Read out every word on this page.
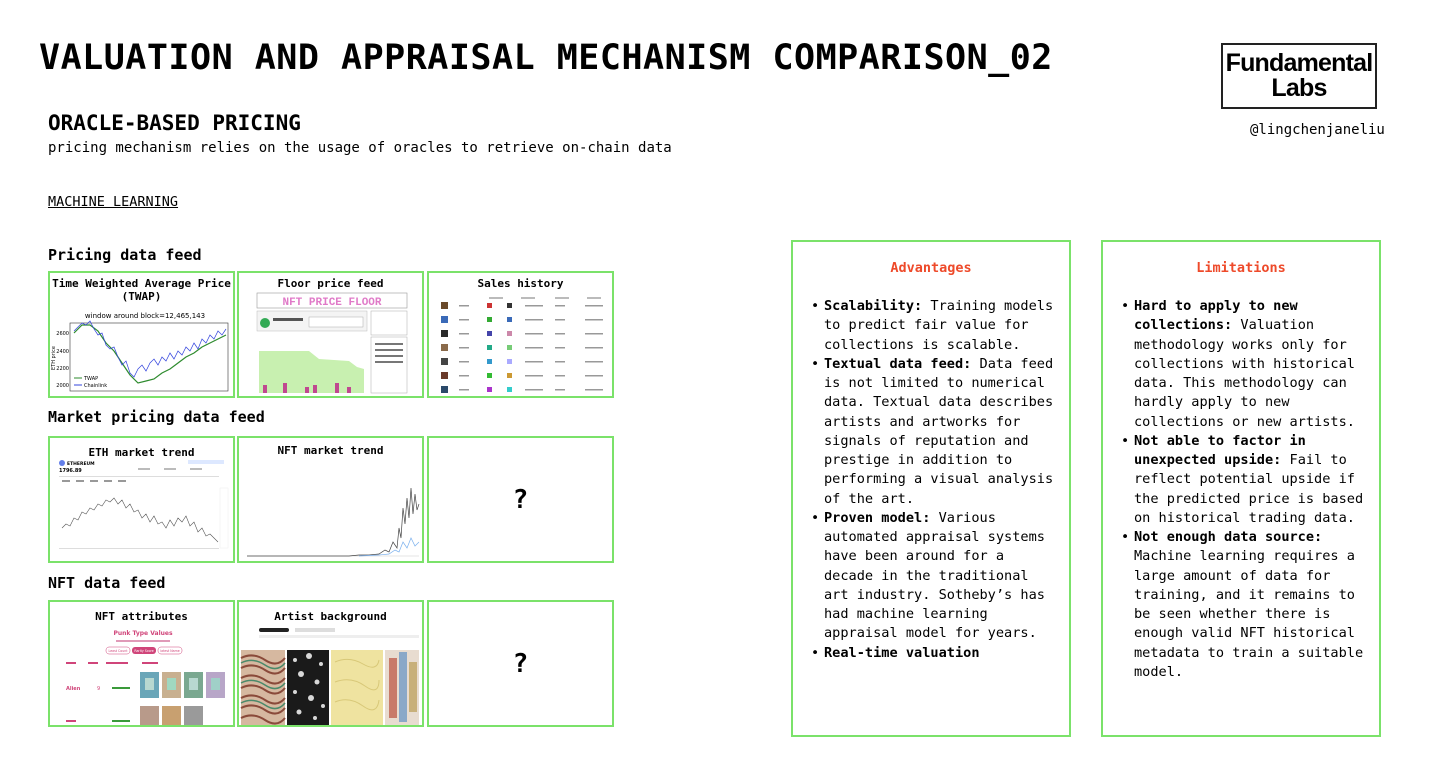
VALUATION AND APPRAISAL MECHANISM COMPARISON_02	Fundamental
Labs
@lingchenjaneliu
ORACLE-BASED PRICING
pricing mechanism relies on the usage of oracles to retrieve on-chain data
MACHINE LEARNING
Pricing data feed
Time Weighted Average Price (TWAP)
window around block=12,465,143
ETH price
2600
2400
2200
2000
TWAP
Chainlink
Floor price feed
NFT PRICE FLOOR
Sales history
Market pricing data feed
ETH market trend
ETHEREUM
1796.89
NFT market trend
?
NFT data feed
NFT attributes
Punk Type Values
Least Count Rarity Score latest Name
Alien	9
Artist background
?
Advantages
• Scalability: Training models to predict fair value for collections is scalable.
• Textual data feed: Data feed is not limited to numerical data. Textual data describes artists and artworks for signals of reputation and prestige in addition to performing a visual analysis of the art.
• Proven model: Various automated appraisal systems have been around for a decade in the traditional art industry. Sotheby’s has had machine learning appraisal model for years.
• Real-time valuation
Limitations
• Hard to apply to new collections: Valuation methodology works only for collections with historical data. This methodology can hardly apply to new collections or new artists.
• Not able to factor in unexpected upside: Fail to reflect potential upside if the predicted price is based on historical trading data.
• Not enough data source: Machine learning requires a large amount of data for training, and it remains to be seen whether there is enough valid NFT historical metadata to train a suitable model.
